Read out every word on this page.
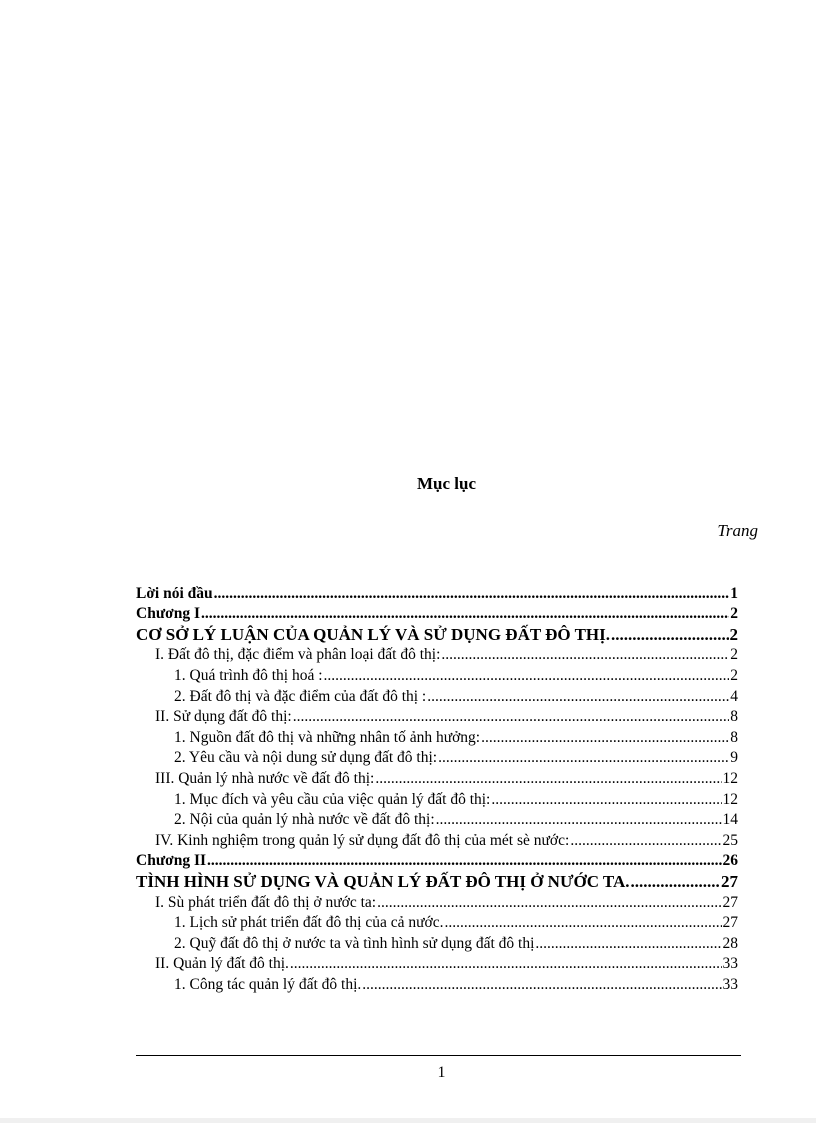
Mục lục
Trang
Lời nói đầu .....	1
Chương I .....	2
CƠ SỞ LÝ LUẬN CỦA QUẢN LÝ VÀ SỬ DỤNG ĐẤT ĐÔ THỊ. .....	2
I. Đất đô thị, đặc điểm và phân loại đất đô thị: .....	2
1. Quá trình đô thị hoá : .....	2
2. Đất đô thị và đặc điểm của đất đô thị : .....	4
II. Sử dụng đất đô thị: .....	8
1. Nguồn đất đô thị và những nhân tố ảnh hưởng: .....	8
2. Yêu cầu và nội dung sử dụng đất đô thị: .....	9
III. Quản lý nhà nước về đất đô thị: .....	12
1. Mục đích và yêu cầu của việc quản lý đất đô thị: .....	12
2. Nội của quản lý nhà nước về đất đô thị: .....	14
IV. Kinh nghiệm trong quản lý sử dụng đất đô thị của mét sè nước: .....	25
Chương II .....	26
TÌNH HÌNH SỬ DỤNG VÀ QUẢN LÝ ĐẤT ĐÔ THỊ Ở NƯỚC TA. .....	27
I. Sù phát triển đất đô thị ở nước ta: .....	27
1. Lịch sử phát triển đất đô thị của cả nước. .....	27
2. Quỹ đất đô thị ở nước ta và tình hình sử dụng đất đô thị .....	28
II. Quản lý đất đô thị. .....	33
1. Công tác quản lý đất đô thị. .....	33
1
